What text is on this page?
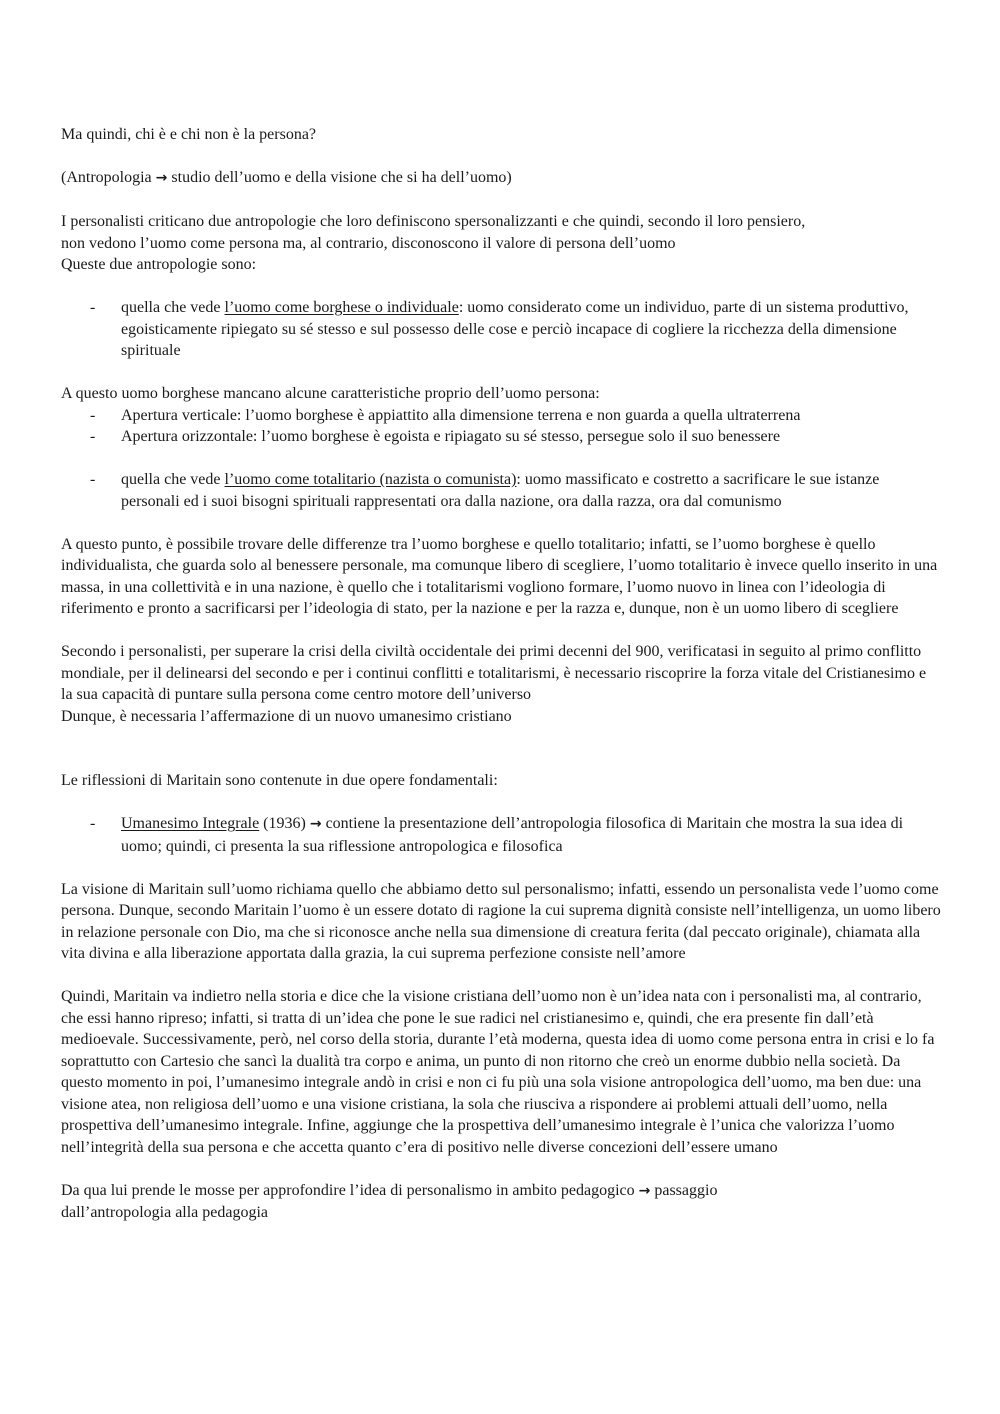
Ma quindi, chi è e chi non è la persona?

(Antropologia → studio dell’uomo e della visione che si ha dell’uomo)

I personalisti criticano due antropologie che loro definiscono spersonalizzanti e che quindi, secondo il loro pensiero,

non vedono l’uomo come persona ma, al contrario, disconoscono il valore di persona dell’uomo

Queste due antropologie sono:

- quella che vede l’uomo come borghese o individuale: uomo considerato come un individuo, parte di un sistema produttivo, egoisticamente ripiegato su sé stesso e sul possesso delle cose e perciò incapace di cogliere la ricchezza della dimensione spirituale

A questo uomo borghese mancano alcune caratteristiche proprio dell’uomo persona:

- Apertura verticale: l’uomo borghese è appiattito alla dimensione terrena e non guarda a quella ultraterrena
- Apertura orizzontale: l’uomo borghese è egoista e ripiagato su sé stesso, persegue solo il suo benessere
- quella che vede l’uomo come totalitario (nazista o comunista): uomo massificato e costretto a sacrificare le sue istanze personali ed i suoi bisogni spirituali rappresentati ora dalla nazione, ora dalla razza, ora dal comunismo

A questo punto, è possibile trovare delle differenze tra l’uomo borghese e quello totalitario; infatti, se l’uomo borghese è quello individualista, che guarda solo al benessere personale, ma comunque libero di scegliere, l’uomo totalitario è invece quello inserito in una massa, in una collettività e in una nazione, è quello che i totalitarismi vogliono formare, l’uomo nuovo in linea con l’ideologia di riferimento e pronto a sacrificarsi per l’ideologia di stato, per la nazione e per la razza e, dunque, non è un uomo libero di scegliere

Secondo i personalisti, per superare la crisi della civiltà occidentale dei primi decenni del 900, verificatasi in seguito al primo conflitto mondiale, per il delinearsi del secondo e per i continui conflitti e totalitarismi, è necessario riscoprire la forza vitale del Cristianesimo e la sua capacità di puntare sulla persona come centro motore dell’universo

Dunque, è necessaria l’affermazione di un nuovo umanesimo cristiano

Le riflessioni di Maritain sono contenute in due opere fondamentali:

- Umanesimo Integrale (1936) → contiene la presentazione dell’antropologia filosofica di Maritain che mostra la sua idea di uomo; quindi, ci presenta la sua riflessione antropologica e filosofica

La visione di Maritain sull’uomo richiama quello che abbiamo detto sul personalismo; infatti, essendo un personalista vede l’uomo come persona. Dunque, secondo Maritain l’uomo è un essere dotato di ragione la cui suprema dignità consiste nell’intelligenza, un uomo libero in relazione personale con Dio, ma che si riconosce anche nella sua dimensione di creatura ferita (dal peccato originale), chiamata alla vita divina e alla liberazione apportata dalla grazia, la cui suprema perfezione consiste nell’amore

Quindi, Maritain va indietro nella storia e dice che la visione cristiana dell’uomo non è un’idea nata con i personalisti ma, al contrario, che essi hanno ripreso; infatti, si tratta di un’idea che pone le sue radici nel cristianesimo e, quindi, che era presente fin dall’età medioevale. Successivamente, però, nel corso della storia, durante l’età moderna, questa idea di uomo come persona entra in crisi e lo fa soprattutto con Cartesio che sancì la dualità tra corpo e anima, un punto di non ritorno che creò un enorme dubbio nella società. Da questo momento in poi, l’umanesimo integrale andò in crisi e non ci fu più una sola visione antropologica dell’uomo, ma ben due: una visione atea, non religiosa dell’uomo e una visione cristiana, la sola che riusciva a rispondere ai problemi attuali dell’uomo, nella prospettiva dell’umanesimo integrale. Infine, aggiunge che la prospettiva dell’umanesimo integrale è l’unica che valorizza l’uomo nell’integrità della sua persona e che accetta quanto c’era di positivo nelle diverse concezioni dell’essere umano

Da qua lui prende le mosse per approfondire l’idea di personalismo in ambito pedagogico → passaggio

dall’antropologia alla pedagogia
